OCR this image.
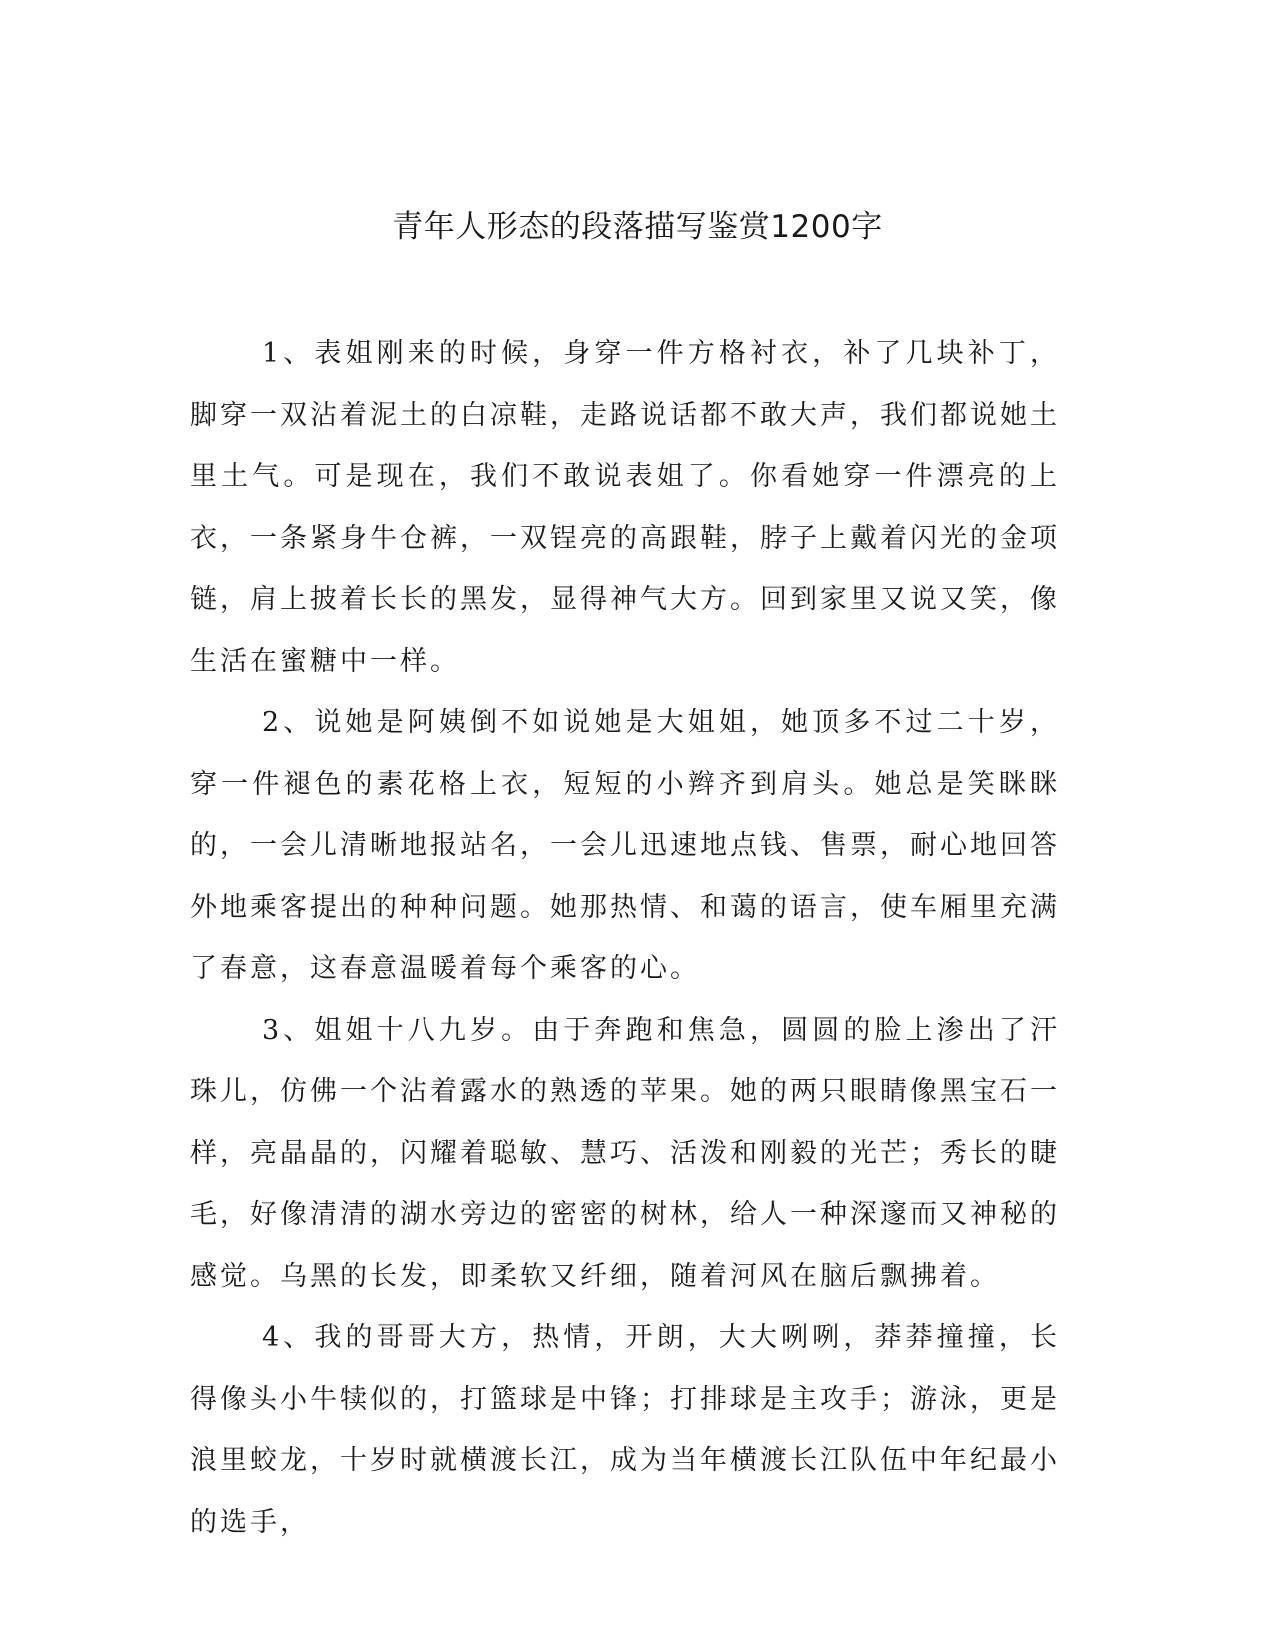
青年人形态的段落描写鉴赏1200字

1、表姐刚来的时候，身穿一件方格衬衣，补了几块补丁，脚穿一双沾着泥土的白凉鞋，走路说话都不敢大声，我们都说她土里土气。可是现在，我们不敢说表姐了。你看她穿一件漂亮的上衣，一条紧身牛仓裤，一双锃亮的高跟鞋，脖子上戴着闪光的金项链，肩上披着长长的黑发，显得神气大方。回到家里又说又笑，像生活在蜜糖中一样。

2、说她是阿姨倒不如说她是大姐姐，她顶多不过二十岁，穿一件褪色的素花格上衣，短短的小辫齐到肩头。她总是笑眯眯的，一会儿清晰地报站名，一会儿迅速地点钱、售票，耐心地回答外地乘客提出的种种问题。她那热情、和蔼的语言，使车厢里充满了春意，这春意温暖着每个乘客的心。

3、姐姐十八九岁。由于奔跑和焦急，圆圆的脸上渗出了汗珠儿，仿佛一个沾着露水的熟透的苹果。她的两只眼睛像黑宝石一样，亮晶晶的，闪耀着聪敏、慧巧、活泼和刚毅的光芒；秀长的睫毛，好像清清的湖水旁边的密密的树林，给人一种深邃而又神秘的感觉。乌黑的长发，即柔软又纤细，随着河风在脑后飘拂着。

4、我的哥哥大方，热情，开朗，大大咧咧，莽莽撞撞，长得像头小牛犊似的，打篮球是中锋；打排球是主攻手；游泳，更是浪里蛟龙，十岁时就横渡长江，成为当年横渡长江队伍中年纪最小的选手，
